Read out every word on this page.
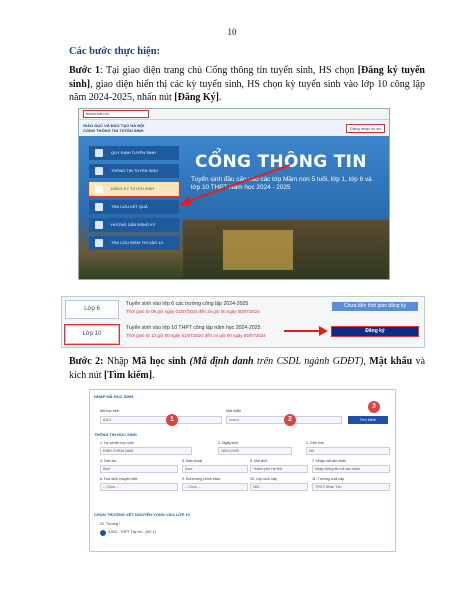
10
Các bước thực hiện:
Bước 1: Tại giao diện trang chủ Cổng thông tin tuyển sinh, HS chọn [Đăng ký tuyển sinh], giao diện hiển thị các kỳ tuyển sinh, HS chọn kỳ tuyển sinh vào lớp 10 công lập năm 2024-2025, nhấn nút [Đăng Ký].
hanoi.edu.vn
GIÁO DỤC VÀ ĐÀO TẠO HÀ NỘI
CỔNG THÔNG TIN TUYỂN SINH	Đăng nhập hồ sơ
QUY ĐỊNH TUYỂN SINH
THÔNG TIN TUYỂN SINH
ĐĂNG KÝ TUYỂN SINH
TRA CỨU KẾT QUẢ
HƯỚNG DẪN ĐĂNG KÝ
TRA CỨU ĐIỂM THI VÀO 10
CỔNG THÔNG TIN
Tuyển sinh đầu cấp vào các lớp Mầm non 5 tuổi, lớp 1, lớp 6 và lớp 10 THPT Năm học 2024 - 2025
Lớp 6
Tuyển sinh vào lớp 6 các trường công lập 2024-2025
Thời gian từ 08 giờ ngày 01/07/2024 đến 24 giờ 00 ngày 05/07/2024
Chưa đến thời gian đăng ký
Lớp 10
Tuyển sinh vào lớp 10 THPT công lập năm học 2024-2025
Thời gian từ 13 giờ 00 ngày 01/07/2024 đến 24 giờ 00 ngày 05/07/2024
Đăng ký
Bước 2: Nhập Mã học sinh (Mã định danh trên CSDL ngành GDĐT), Mật khẩu và kích nút [Tìm kiếm].
NHẬP MÃ HỌC SINH
Mã học sinh
0110
Mật khẩu
••••••••	Tìm kiếm
1	2
3
THÔNG TIN HỌC SINH
1. Họ và tên học sinh
ĐINH CHÍNH NAM
2. Ngày sinh
16/01/2009
3. Giới tính
Nữ
4. Dân tộc
Kinh
5. Điện thoại
0xxx
6. Nơi sinh
Thành phố Hà Nội
7. Nhập mã xác nhận
Nhập thông tin mã xác nhận
8. Học sinh chuyên biệt
-- Chọn --
9. Đối tượng chính sách
-- Chọn --
10. Lớp cuối cấp
9A3
11. Trường cuối cấp
THCS Nhân Tạo
CHỌN TRƯỜNG XÉT NGUYỆN VỌNG VÀO LỚP 10
12. Trường *
3-002 - THPT Tây Hồ - (NV 1)
